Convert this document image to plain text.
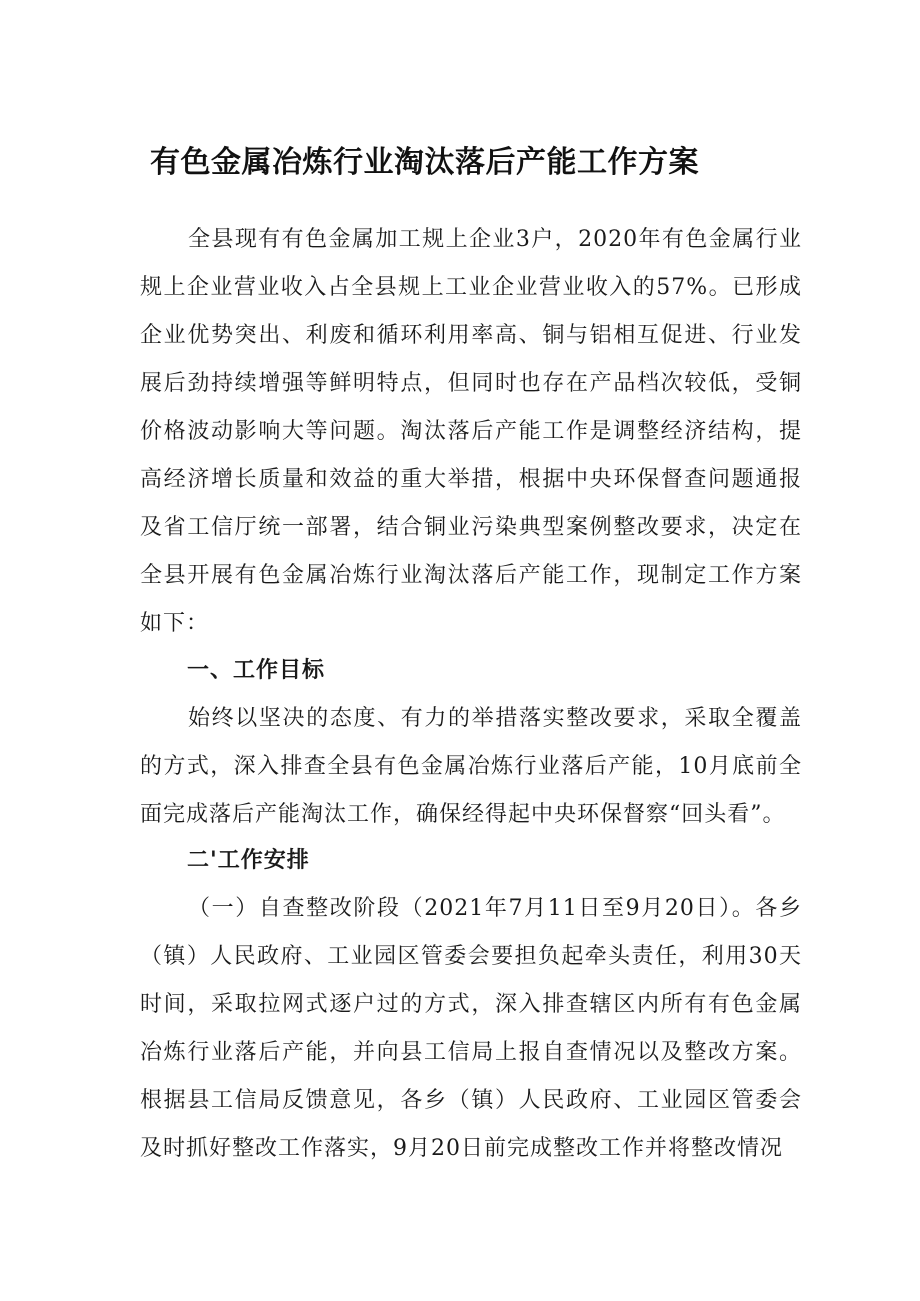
有色金属冶炼行业淘汰落后产能工作方案

全县现有有色金属加工规上企业3户，2020年有色金属行业规上企业营业收入占全县规上工业企业营业收入的57%。已形成企业优势突出、利废和循环利用率高、铜与铝相互促进、行业发展后劲持续增强等鲜明特点，但同时也存在产品档次较低，受铜价格波动影响大等问题。淘汰落后产能工作是调整经济结构，提高经济增长质量和效益的重大举措，根据中央环保督查问题通报及省工信厅统一部署，结合铜业污染典型案例整改要求，决定在全县开展有色金属冶炼行业淘汰落后产能工作，现制定工作方案如下：

一、工作目标

始终以坚决的态度、有力的举措落实整改要求，采取全覆盖的方式，深入排查全县有色金属冶炼行业落后产能，10月底前全面完成落后产能淘汰工作，确保经得起中央环保督察“回头看”。

二'工作安排

（一）自查整改阶段（2021年7月11日至9月20日）。各乡（镇）人民政府、工业园区管委会要担负起牵头责任，利用30天时间，采取拉网式逐户过的方式，深入排查辖区内所有有色金属冶炼行业落后产能，并向县工信局上报自查情况以及整改方案。根据县工信局反馈意见，各乡（镇）人民政府、工业园区管委会及时抓好整改工作落实，9月20日前完成整改工作并将整改情况
